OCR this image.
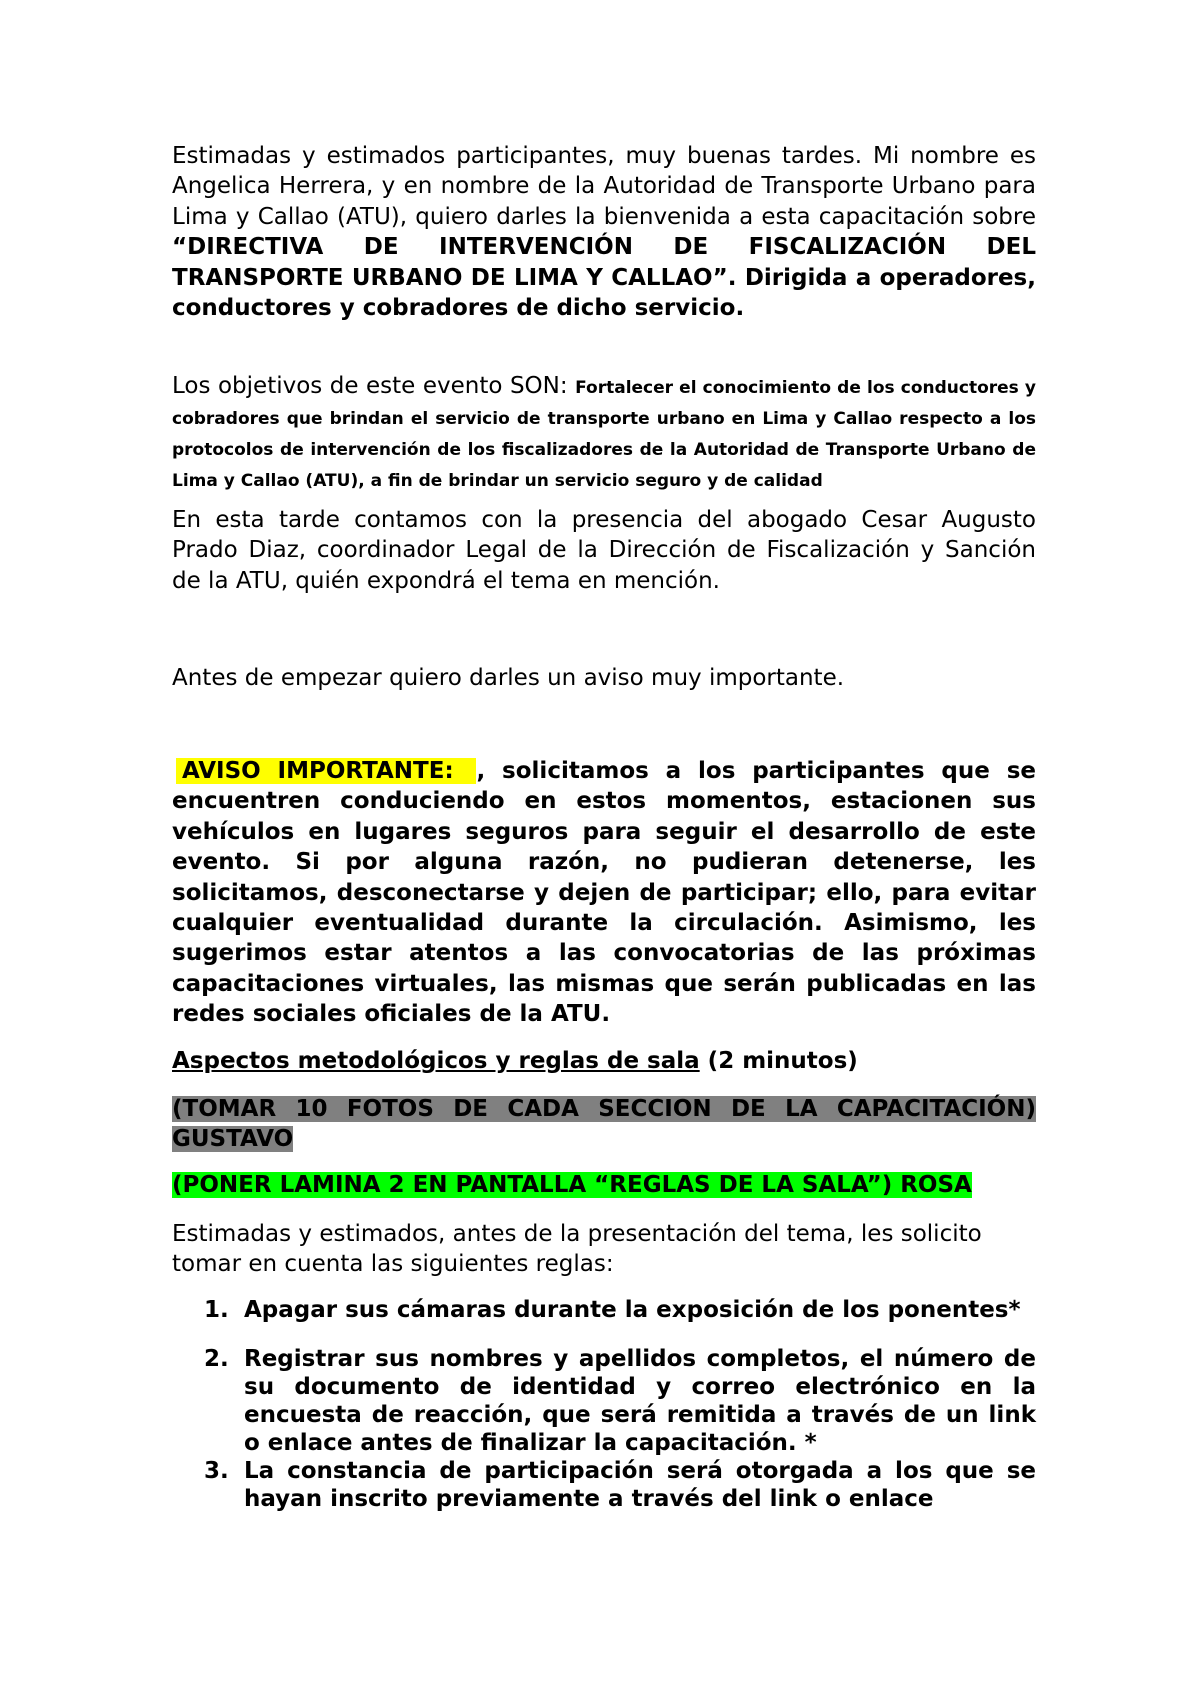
Estimadas y estimados participantes, muy buenas tardes. Mi nombre es Angelica Herrera, y en nombre de la Autoridad de Transporte Urbano para Lima y Callao (ATU), quiero darles la bienvenida a esta capacitación sobre “DIRECTIVA DE INTERVENCIÓN DE FISCALIZACIÓN DEL TRANSPORTE URBANO DE LIMA Y CALLAO”. Dirigida a operadores, conductores y cobradores de dicho servicio.

Los objetivos de este evento SON: Fortalecer el conocimiento de los conductores y cobradores que brindan el servicio de transporte urbano en Lima y Callao respecto a los protocolos de intervención de los fiscalizadores de la Autoridad de Transporte Urbano de Lima y Callao (ATU), a fin de brindar un servicio seguro y de calidad

En esta tarde contamos con la presencia del abogado Cesar Augusto Prado Diaz, coordinador Legal de la Dirección de Fiscalización y Sanción de la ATU, quién expondrá el tema en mención.

Antes de empezar quiero darles un aviso muy importante.

AVISO IMPORTANTE: , solicitamos a los participantes que se encuentren conduciendo en estos momentos, estacionen sus vehículos en lugares seguros para seguir el desarrollo de este evento. Si por alguna razón, no pudieran detenerse, les solicitamos, desconectarse y dejen de participar; ello, para evitar cualquier eventualidad durante la circulación. Asimismo, les sugerimos estar atentos a las convocatorias de las próximas capacitaciones virtuales, las mismas que serán publicadas en las redes sociales oficiales de la ATU.

Aspectos metodológicos y reglas de sala (2 minutos)

(TOMAR 10 FOTOS DE CADA SECCION DE LA CAPACITACIÓN) GUSTAVO

(PONER LAMINA 2 EN PANTALLA “REGLAS DE LA SALA”) ROSA

Estimadas y estimados, antes de la presentación del tema, les solicito tomar en cuenta las siguientes reglas:

1. Apagar sus cámaras durante la exposición de los ponentes*
2. Registrar sus nombres y apellidos completos, el número de su documento de identidad y correo electrónico en la encuesta de reacción, que será remitida a través de un link o enlace antes de finalizar la capacitación. *
3. La constancia de participación será otorgada a los que se hayan inscrito previamente a través del link o enlace
